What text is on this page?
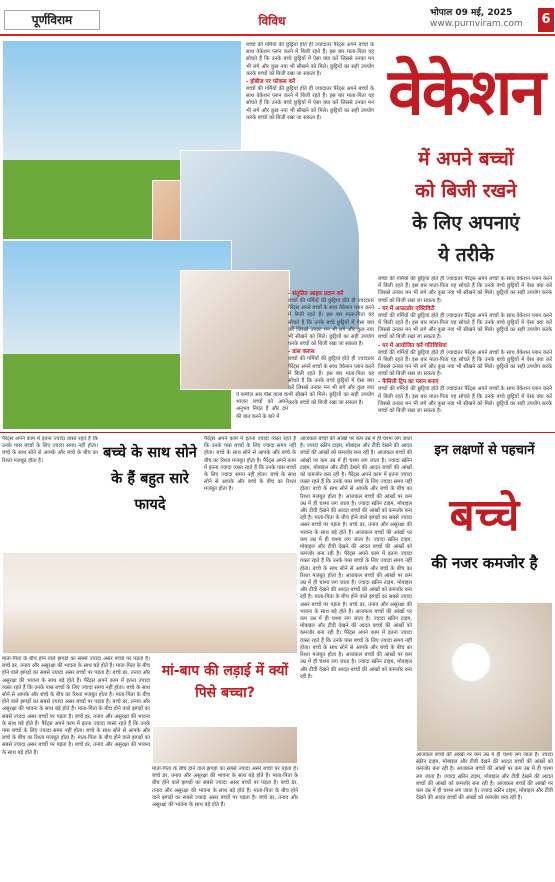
पूर्णविराम	विविध
भोपाल 09 मई, 2025
www.purnviram.com	6
बच्चों की गर्मियों की छुट्टियां होते ही ज्यादातर पैरेंट्स अपने बच्चों के साथ वेकेशन प्लान करने में बिजी रहते हैं। इस बार माता-पिता यह सोचते हैं कि उनके बच्चे छुट्टियों में ऐसा क्या करें जिससे उनका मन भी लगे और कुछ नया भी सीखने को मिले। छुट्टियों का सही उपयोग करके बच्चों को बिजी रखा जा सकता है।
- हॉबीज पर फोकस करें
बच्चों की गर्मियों की छुट्टियां होते ही ज्यादातर पैरेंट्स अपने बच्चों के साथ वेकेशन प्लान करने में बिजी रहते हैं। इस बार माता-पिता यह सोचते हैं कि उनके बच्चे छुट्टियों में ऐसा क्या करें जिससे उनका मन भी लगे और कुछ नया भी सीखने को मिले। छुट्टियों का सही उपयोग करके बच्चों को बिजी रखा जा सकता है।	वेकेशन
में अपने बच्चों
को बिजी रखने
के लिए अपनाएं
ये तरीके
बच्चों की गर्मियों की छुट्टियां होते ही ज्यादातर पैरेंट्स अपने बच्चों के साथ वेकेशन प्लान करने में बिजी रहते हैं। इस बार माता-पिता यह सोचते हैं कि उनके बच्चे छुट्टियों में ऐसा क्या करें जिससे उनका मन भी लगे और कुछ नया भी सीखने को मिले। छुट्टियों का सही उपयोग करके बच्चों को बिजी रखा जा सकता है।
- घर में आउटडोर एक्टिविटी
बच्चों की गर्मियों की छुट्टियां होते ही ज्यादातर पैरेंट्स अपने बच्चों के साथ वेकेशन प्लान करने में बिजी रहते हैं। इस बार माता-पिता यह सोचते हैं कि उनके बच्चे छुट्टियों में ऐसा क्या करें जिससे उनका मन भी लगे और कुछ नया भी सीखने को मिले। छुट्टियों का सही उपयोग करके बच्चों को बिजी रखा जा सकता है।
- घर में आयोजित करें गतिविधियां
बच्चों की गर्मियों की छुट्टियां होते ही ज्यादातर पैरेंट्स अपने बच्चों के साथ वेकेशन प्लान करने में बिजी रहते हैं। इस बार माता-पिता यह सोचते हैं कि उनके बच्चे छुट्टियों में ऐसा क्या करें जिससे उनका मन भी लगे और कुछ नया भी सीखने को मिले। छुट्टियों का सही उपयोग करके बच्चों को बिजी रखा जा सकता है।
- फैमिली ट्रिप का प्लान बनाएं
बच्चों की गर्मियों की छुट्टियां होते ही ज्यादातर पैरेंट्स अपने बच्चों के साथ वेकेशन प्लान करने में बिजी रहते हैं। इस बार माता-पिता यह सोचते हैं कि उनके बच्चे छुट्टियों में ऐसा क्या करें जिससे उनका मन भी लगे और कुछ नया भी सीखने को मिले। छुट्टियों का सही उपयोग करके बच्चों को बिजी रखा जा सकता है।
- संतुलित आहार प्रदान करें
बच्चों की गर्मियों की छुट्टियां होते ही ज्यादातर पैरेंट्स अपने बच्चों के साथ वेकेशन प्लान करने में बिजी रहते हैं। इस बार माता-पिता यह सोचते हैं कि उनके बच्चे छुट्टियों में ऐसा क्या करें जिससे उनका मन भी लगे और कुछ नया भी सीखने को मिले। छुट्टियों का सही उपयोग करके बच्चों को बिजी रखा जा सकता है।
- डांस क्लास
बच्चों की गर्मियों की छुट्टियां होते ही ज्यादातर पैरेंट्स अपने बच्चों के साथ वेकेशन प्लान करने में बिजी रहते हैं। इस बार माता-पिता यह सोचते हैं कि उनके बच्चे छुट्टियों में ऐसा क्या करें जिससे उनका मन भी लगे और कुछ नया भी सीखने को मिले। छुट्टियों का सही उपयोग करके बच्चों को बिजी रखा जा सकता है।
ये कमीज़ आर पीस वाला के भाजन बच्चों को अपने अनुभव नियत है और दम की बात करने के बारे में
पैरेंट्स अपने काम में इतना ज्यादा व्यस्त रहते हैं कि उनके पास बच्चों के लिए ज्यादा समय नहीं होता। बच्चे के साथ सोने से आपके और बच्चे के बीच का रिश्ता मजबूत होता है।	बच्चे के साथ सोने के हैं बहुत सारे फायदे
पैरेंट्स अपने काम में इतना ज्यादा व्यस्त रहते हैं कि उनके पास बच्चों के लिए ज्यादा समय नहीं होता। बच्चे के साथ सोने से आपके और बच्चे के बीच का रिश्ता मजबूत होता है। पैरेंट्स अपने काम में इतना ज्यादा व्यस्त रहते हैं कि उनके पास बच्चों के लिए ज्यादा समय नहीं होता। बच्चे के साथ सोने से आपके और बच्चे के बीच का रिश्ता मजबूत होता है।
आजकल बच्चों की आंखों पर कम उम्र में ही चश्मा लग जाता है। ज्यादा स्क्रीन टाइम, मोबाइल और टीवी देखने की आदत बच्चों की आंखों को कमजोर बना रही है। आजकल बच्चों की आंखों पर कम उम्र में ही चश्मा लग जाता है। ज्यादा स्क्रीन टाइम, मोबाइल और टीवी देखने की आदत बच्चों की आंखों को कमजोर बना रही है। पैरेंट्स अपने काम में इतना ज्यादा व्यस्त रहते हैं कि उनके पास बच्चों के लिए ज्यादा समय नहीं होता। बच्चे के साथ सोने से आपके और बच्चे के बीच का रिश्ता मजबूत होता है। आजकल बच्चों की आंखों पर कम उम्र में ही चश्मा लग जाता है। ज्यादा स्क्रीन टाइम, मोबाइल और टीवी देखने की आदत बच्चों की आंखों को कमजोर बना रही है। माता-पिता के बीच होने वाले झगड़ों का सबसे ज्यादा असर बच्चों पर पड़ता है। बच्चे डर, तनाव और असुरक्षा की भावना के साथ बड़े होते हैं। आजकल बच्चों की आंखों पर कम उम्र में ही चश्मा लग जाता है। ज्यादा स्क्रीन टाइम, मोबाइल और टीवी देखने की आदत बच्चों की आंखों को कमजोर बना रही है। पैरेंट्स अपने काम में इतना ज्यादा व्यस्त रहते हैं कि उनके पास बच्चों के लिए ज्यादा समय नहीं होता। बच्चे के साथ सोने से आपके और बच्चे के बीच का रिश्ता मजबूत होता है। आजकल बच्चों की आंखों पर कम उम्र में ही चश्मा लग जाता है। ज्यादा स्क्रीन टाइम, मोबाइल और टीवी देखने की आदत बच्चों की आंखों को कमजोर बना रही है। माता-पिता के बीच होने वाले झगड़ों का सबसे ज्यादा असर बच्चों पर पड़ता है। बच्चे डर, तनाव और असुरक्षा की भावना के साथ बड़े होते हैं। आजकल बच्चों की आंखों पर कम उम्र में ही चश्मा लग जाता है। ज्यादा स्क्रीन टाइम, मोबाइल और टीवी देखने की आदत बच्चों की आंखों को कमजोर बना रही है। पैरेंट्स अपने काम में इतना ज्यादा व्यस्त रहते हैं कि उनके पास बच्चों के लिए ज्यादा समय नहीं होता। बच्चे के साथ सोने से आपके और बच्चे के बीच का रिश्ता मजबूत होता है। आजकल बच्चों की आंखों पर कम उम्र में ही चश्मा लग जाता है। ज्यादा स्क्रीन टाइम, मोबाइल और टीवी देखने की आदत बच्चों की आंखों को कमजोर बना रही है।
इन लक्षणों से पहचानें
बच्चे
की नजर कमजोर है
आजकल बच्चों की आंखों पर कम उम्र में ही चश्मा लग जाता है। ज्यादा स्क्रीन टाइम, मोबाइल और टीवी देखने की आदत बच्चों की आंखों को कमजोर बना रही है। आजकल बच्चों की आंखों पर कम उम्र में ही चश्मा लग जाता है। ज्यादा स्क्रीन टाइम, मोबाइल और टीवी देखने की आदत बच्चों की आंखों को कमजोर बना रही है। आजकल बच्चों की आंखों पर कम उम्र में ही चश्मा लग जाता है। ज्यादा स्क्रीन टाइम, मोबाइल और टीवी देखने की आदत बच्चों की आंखों को कमजोर बना रही है।
माता-पिता के बीच होने वाले झगड़ों का सबसे ज्यादा असर बच्चों पर पड़ता है। बच्चे डर, तनाव और असुरक्षा की भावना के साथ बड़े होते हैं। माता-पिता के बीच होने वाले झगड़ों का सबसे ज्यादा असर बच्चों पर पड़ता है। बच्चे डर, तनाव और असुरक्षा की भावना के साथ बड़े होते हैं। पैरेंट्स अपने काम में इतना ज्यादा व्यस्त रहते हैं कि उनके पास बच्चों के लिए ज्यादा समय नहीं होता। बच्चे के साथ सोने से आपके और बच्चे के बीच का रिश्ता मजबूत होता है। माता-पिता के बीच होने वाले झगड़ों का सबसे ज्यादा असर बच्चों पर पड़ता है। बच्चे डर, तनाव और असुरक्षा की भावना के साथ बड़े होते हैं। माता-पिता के बीच होने वाले झगड़ों का सबसे ज्यादा असर बच्चों पर पड़ता है। बच्चे डर, तनाव और असुरक्षा की भावना के साथ बड़े होते हैं। पैरेंट्स अपने काम में इतना ज्यादा व्यस्त रहते हैं कि उनके पास बच्चों के लिए ज्यादा समय नहीं होता। बच्चे के साथ सोने से आपके और बच्चे के बीच का रिश्ता मजबूत होता है। माता-पिता के बीच होने वाले झगड़ों का सबसे ज्यादा असर बच्चों पर पड़ता है। बच्चे डर, तनाव और असुरक्षा की भावना के साथ बड़े होते हैं।
मां-बाप की लड़ाई में क्यों पिसे बच्चा?
माता-पिता के बीच होने वाले झगड़ों का सबसे ज्यादा असर बच्चों पर पड़ता है। बच्चे डर, तनाव और असुरक्षा की भावना के साथ बड़े होते हैं। माता-पिता के बीच होने वाले झगड़ों का सबसे ज्यादा असर बच्चों पर पड़ता है। बच्चे डर, तनाव और असुरक्षा की भावना के साथ बड़े होते हैं। माता-पिता के बीच होने वाले झगड़ों का सबसे ज्यादा असर बच्चों पर पड़ता है। बच्चे डर, तनाव और असुरक्षा की भावना के साथ बड़े होते हैं।
